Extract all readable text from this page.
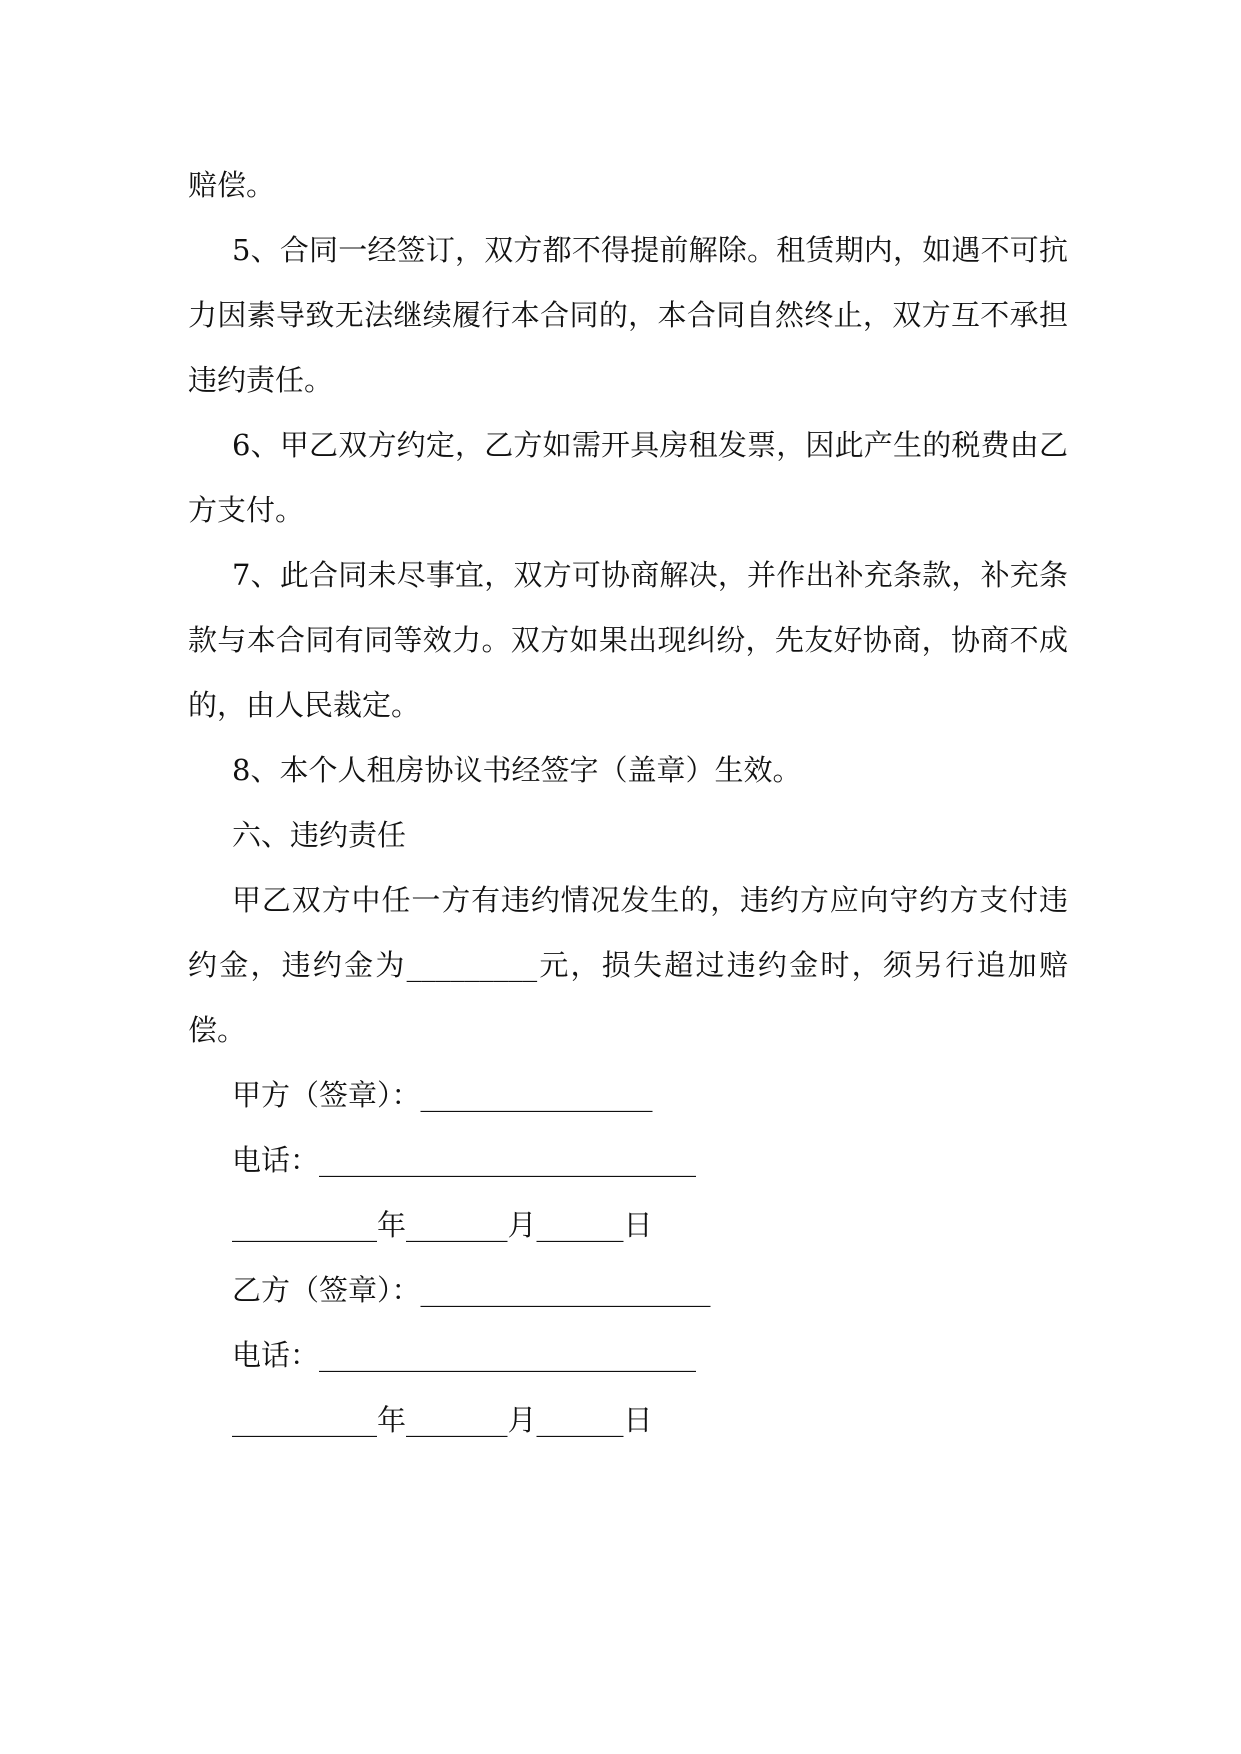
赔偿。

5、合同一经签订，双方都不得提前解除。租赁期内，如遇不可抗力因素导致无法继续履行本合同的，本合同自然终止，双方互不承担违约责任。

6、甲乙双方约定，乙方如需开具房租发票，因此产生的税费由乙方支付。

7、此合同未尽事宜，双方可协商解决，并作出补充条款，补充条款与本合同有同等效力。双方如果出现纠纷，先友好协商，协商不成的，由人民裁定。

8、本个人租房协议书经签字（盖章）生效。

六、违约责任

甲乙双方中任一方有违约情况发生的，违约方应向守约方支付违约金，违约金为_________元，损失超过违约金时，须另行追加赔偿。

甲方（签章）：________________

电话：__________________________

__________年_______月______日

乙方（签章）：____________________

电话：__________________________

__________年_______月______日
